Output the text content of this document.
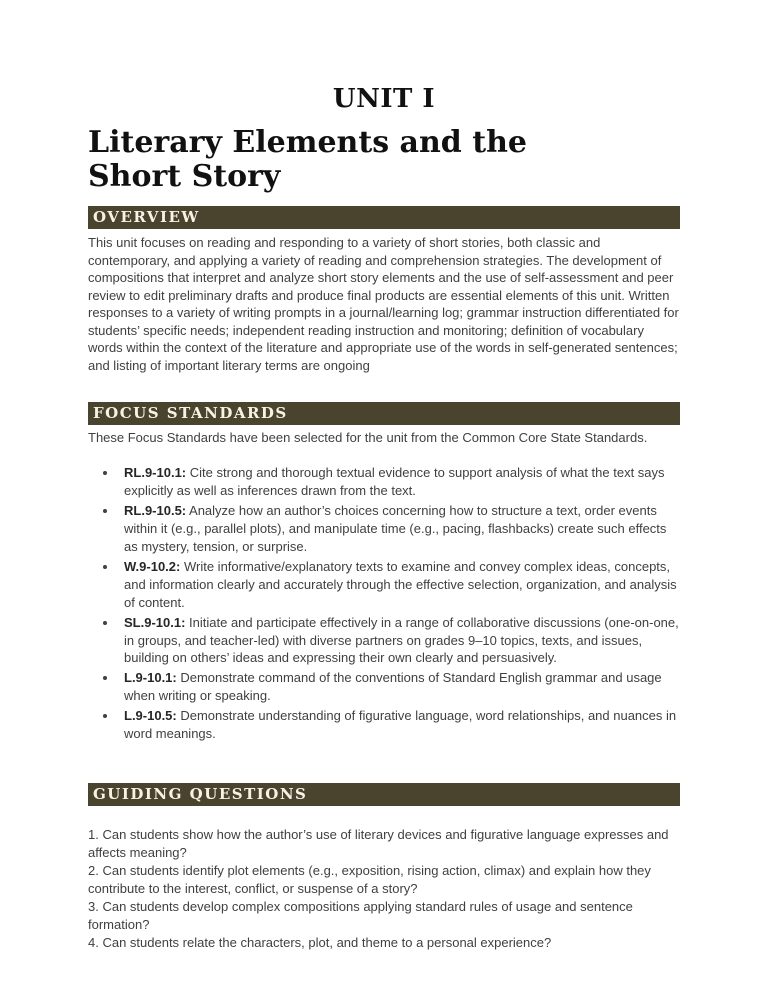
UNIT I
Literary Elements and the
Short Story
OVERVIEW
This unit focuses on reading and responding to a variety of short stories, both classic and contemporary, and applying a variety of reading and comprehension strategies. The development of compositions that interpret and analyze short story elements and the use of self-assessment and peer review to edit preliminary drafts and produce final products are essential elements of this unit. Written responses to a variety of writing prompts in a journal/learning log; grammar instruction differentiated for students’ specific needs; independent reading instruction and monitoring; definition of vocabulary words within the context of the literature and appropriate use of the words in self-generated sentences; and listing of important literary terms are ongoing
FOCUS STANDARDS
These Focus Standards have been selected for the unit from the Common Core State Standards.
• RL.9-10.1: Cite strong and thorough textual evidence to support analysis of what the text says explicitly as well as inferences drawn from the text.
• RL.9-10.5: Analyze how an author’s choices concerning how to structure a text, order events within it (e.g., parallel plots), and manipulate time (e.g., pacing, flashbacks) create such effects as mystery, tension, or surprise.
• W.9-10.2: Write informative/explanatory texts to examine and convey complex ideas, concepts, and information clearly and accurately through the effective selection, organization, and analysis of content.
• SL.9-10.1: Initiate and participate effectively in a range of collaborative discussions (one-on-one, in groups, and teacher-led) with diverse partners on grades 9–10 topics, texts, and issues, building on others’ ideas and expressing their own clearly and persuasively.
• L.9-10.1: Demonstrate command of the conventions of Standard English grammar and usage when writing or speaking.
• L.9-10.5: Demonstrate understanding of figurative language, word relationships, and nuances in word meanings.
GUIDING QUESTIONS

1. Can students show how the author’s use of literary devices and figurative language expresses and affects meaning?

2. Can students identify plot elements (e.g., exposition, rising action, climax) and explain how they contribute to the interest, conflict, or suspense of a story?

3. Can students develop complex compositions applying standard rules of usage and sentence formation?

4. Can students relate the characters, plot, and theme to a personal experience?
